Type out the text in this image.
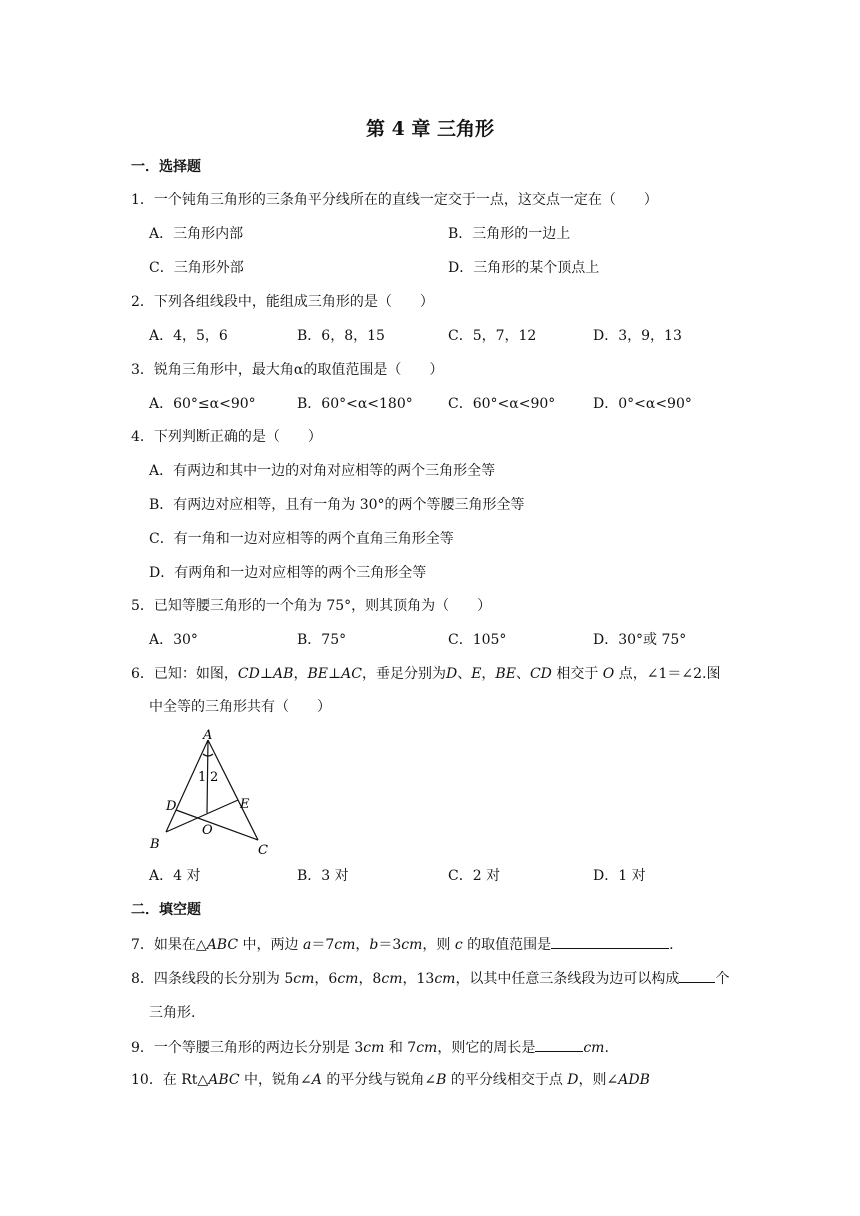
第 4 章 三角形
一．选择题
1．一个钝角三角形的三条角平分线所在的直线一定交于一点，这交点一定在（　　）
A．三角形内部	B．三角形的一边上
C．三角形外部	D．三角形的某个顶点上
2．下列各组线段中，能组成三角形的是（　　）
A．4，5，6	B．6，8，15	C．5，7，12	D．3，9，13
3．锐角三角形中，最大角α的取值范围是（　　）
A．60°≤α<90°	B．60°<α<180°	C．60°<α<90°	D．0°<α<90°
4．下列判断正确的是（　　）
A．有两边和其中一边的对角对应相等的两个三角形全等
B．有两边对应相等，且有一角为 30°的两个等腰三角形全等
C．有一角和一边对应相等的两个直角三角形全等
D．有两角和一边对应相等的两个三角形全等
5．已知等腰三角形的一个角为 75°，则其顶角为（　　）
A．30°	B．75°	C．105°	D．30°或 75°
6．已知：如图，CD⊥AB，BE⊥AC，垂足分别为D、E，BE、CD 相交于 O 点，∠1＝∠2.图
中全等的三角形共有（　　）
A
1 2
D	E
O
B	C
A．4 对	B．3 对	C．2 对	D．1 对
二．填空题
7．如果在△ABC 中，两边 a＝7cm，b＝3cm，则 c 的取值范围是	.
8．四条线段的长分别为 5cm，6cm，8cm，13cm，以其中任意三条线段为边可以构成	个
三角形.
9．一个等腰三角形的两边长分别是 3cm 和 7cm，则它的周长是	cm.
10．在 Rt△ABC 中，锐角∠A 的平分线与锐角∠B 的平分线相交于点 D，则∠ADB
